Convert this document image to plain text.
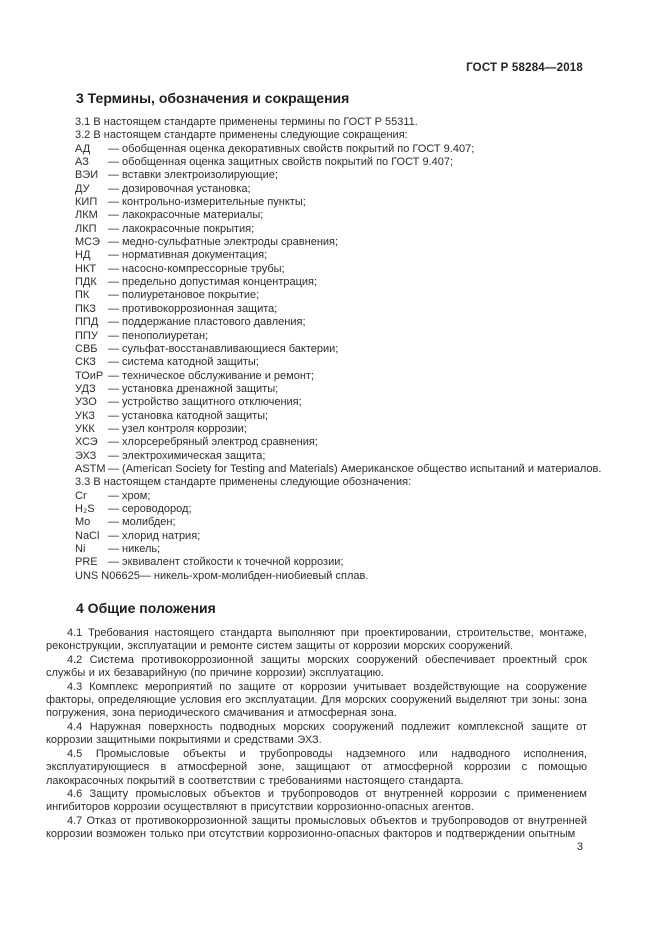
ГОСТ Р 58284—2018
3 Термины, обозначения и сокращения

3.1 В настоящем стандарте применены термины по ГОСТ Р 55311.

3.2 В настоящем стандарте применены следующие сокращения:

АД — обобщенная оценка декоративных свойств покрытий по ГОСТ 9.407;
АЗ — обобщенная оценка защитных свойств покрытий по ГОСТ 9.407;
ВЭИ — вставки электроизолирующие;
ДУ — дозировочная установка;
КИП — контрольно-измерительные пункты;
ЛКМ — лакокрасочные материалы;
ЛКП — лакокрасочные покрытия;
МСЭ — медно-сульфатные электроды сравнения;
НД — нормативная документация;
НКТ — насосно-компрессорные трубы;
ПДК — предельно допустимая концентрация;
ПК — полиуретановое покрытие;
ПКЗ — противокоррозионная защита;
ППД — поддержание пластового давления;
ППУ — пенополиуретан;
СВБ — сульфат-восстанавливающиеся бактерии;
СКЗ — система катодной защиты;
ТОиР — техническое обслуживание и ремонт;
УДЗ — установка дренажной защиты;
УЗО — устройство защитного отключения;
УКЗ — установка катодной защиты;
УКК — узел контроля коррозии;
ХСЭ — хлорсеребряный электрод сравнения;
ЭХЗ — электрохимическая защита;
ASTM — (American Society for Testing and Materials) Американское общество испытаний и материалов.

3.3 В настоящем стандарте применены следующие обозначения:

Cr — хром;
H₂S — сероводород;
Mo — молибден;
NaCl — хлорид натрия;
Ni — никель;
PRE — эквивалент стойкости к точечной коррозии;
UNS N06625— никель-хром-молибден-ниобиевый сплав.
4 Общие положения

4.1 Требования настоящего стандарта выполняют при проектировании, строительстве, монтаже, реконструкции, эксплуатации и ремонте систем защиты от коррозии морских сооружений.

4.2 Система противокоррозионной защиты морских сооружений обеспечивает проектный срок службы и их безаварийную (по причине коррозии) эксплуатацию.

4.3 Комплекс мероприятий по защите от коррозии учитывает воздействующие на сооружение факторы, определяющие условия его эксплуатации. Для морских сооружений выделяют три зоны: зона погружения, зона периодического смачивания и атмосферная зона.

4.4 Наружная поверхность подводных морских сооружений подлежит комплексной защите от коррозии защитными покрытиями и средствами ЭХЗ.

4.5 Промысловые объекты и трубопроводы надземного или надводного исполнения, эксплуатирующиеся в атмосферной зоне, защищают от атмосферной коррозии с помощью лакокрасочных покрытий в соответствии с требованиями настоящего стандарта.

4.6 Защиту промысловых объектов и трубопроводов от внутренней коррозии с применением ингибиторов коррозии осуществляют в присутствии коррозионно-опасных агентов.

4.7 Отказ от противокоррозионной защиты промысловых объектов и трубопроводов от внутренней коррозии возможен только при отсутствии коррозионно-опасных факторов и подтверждении опытным

3
